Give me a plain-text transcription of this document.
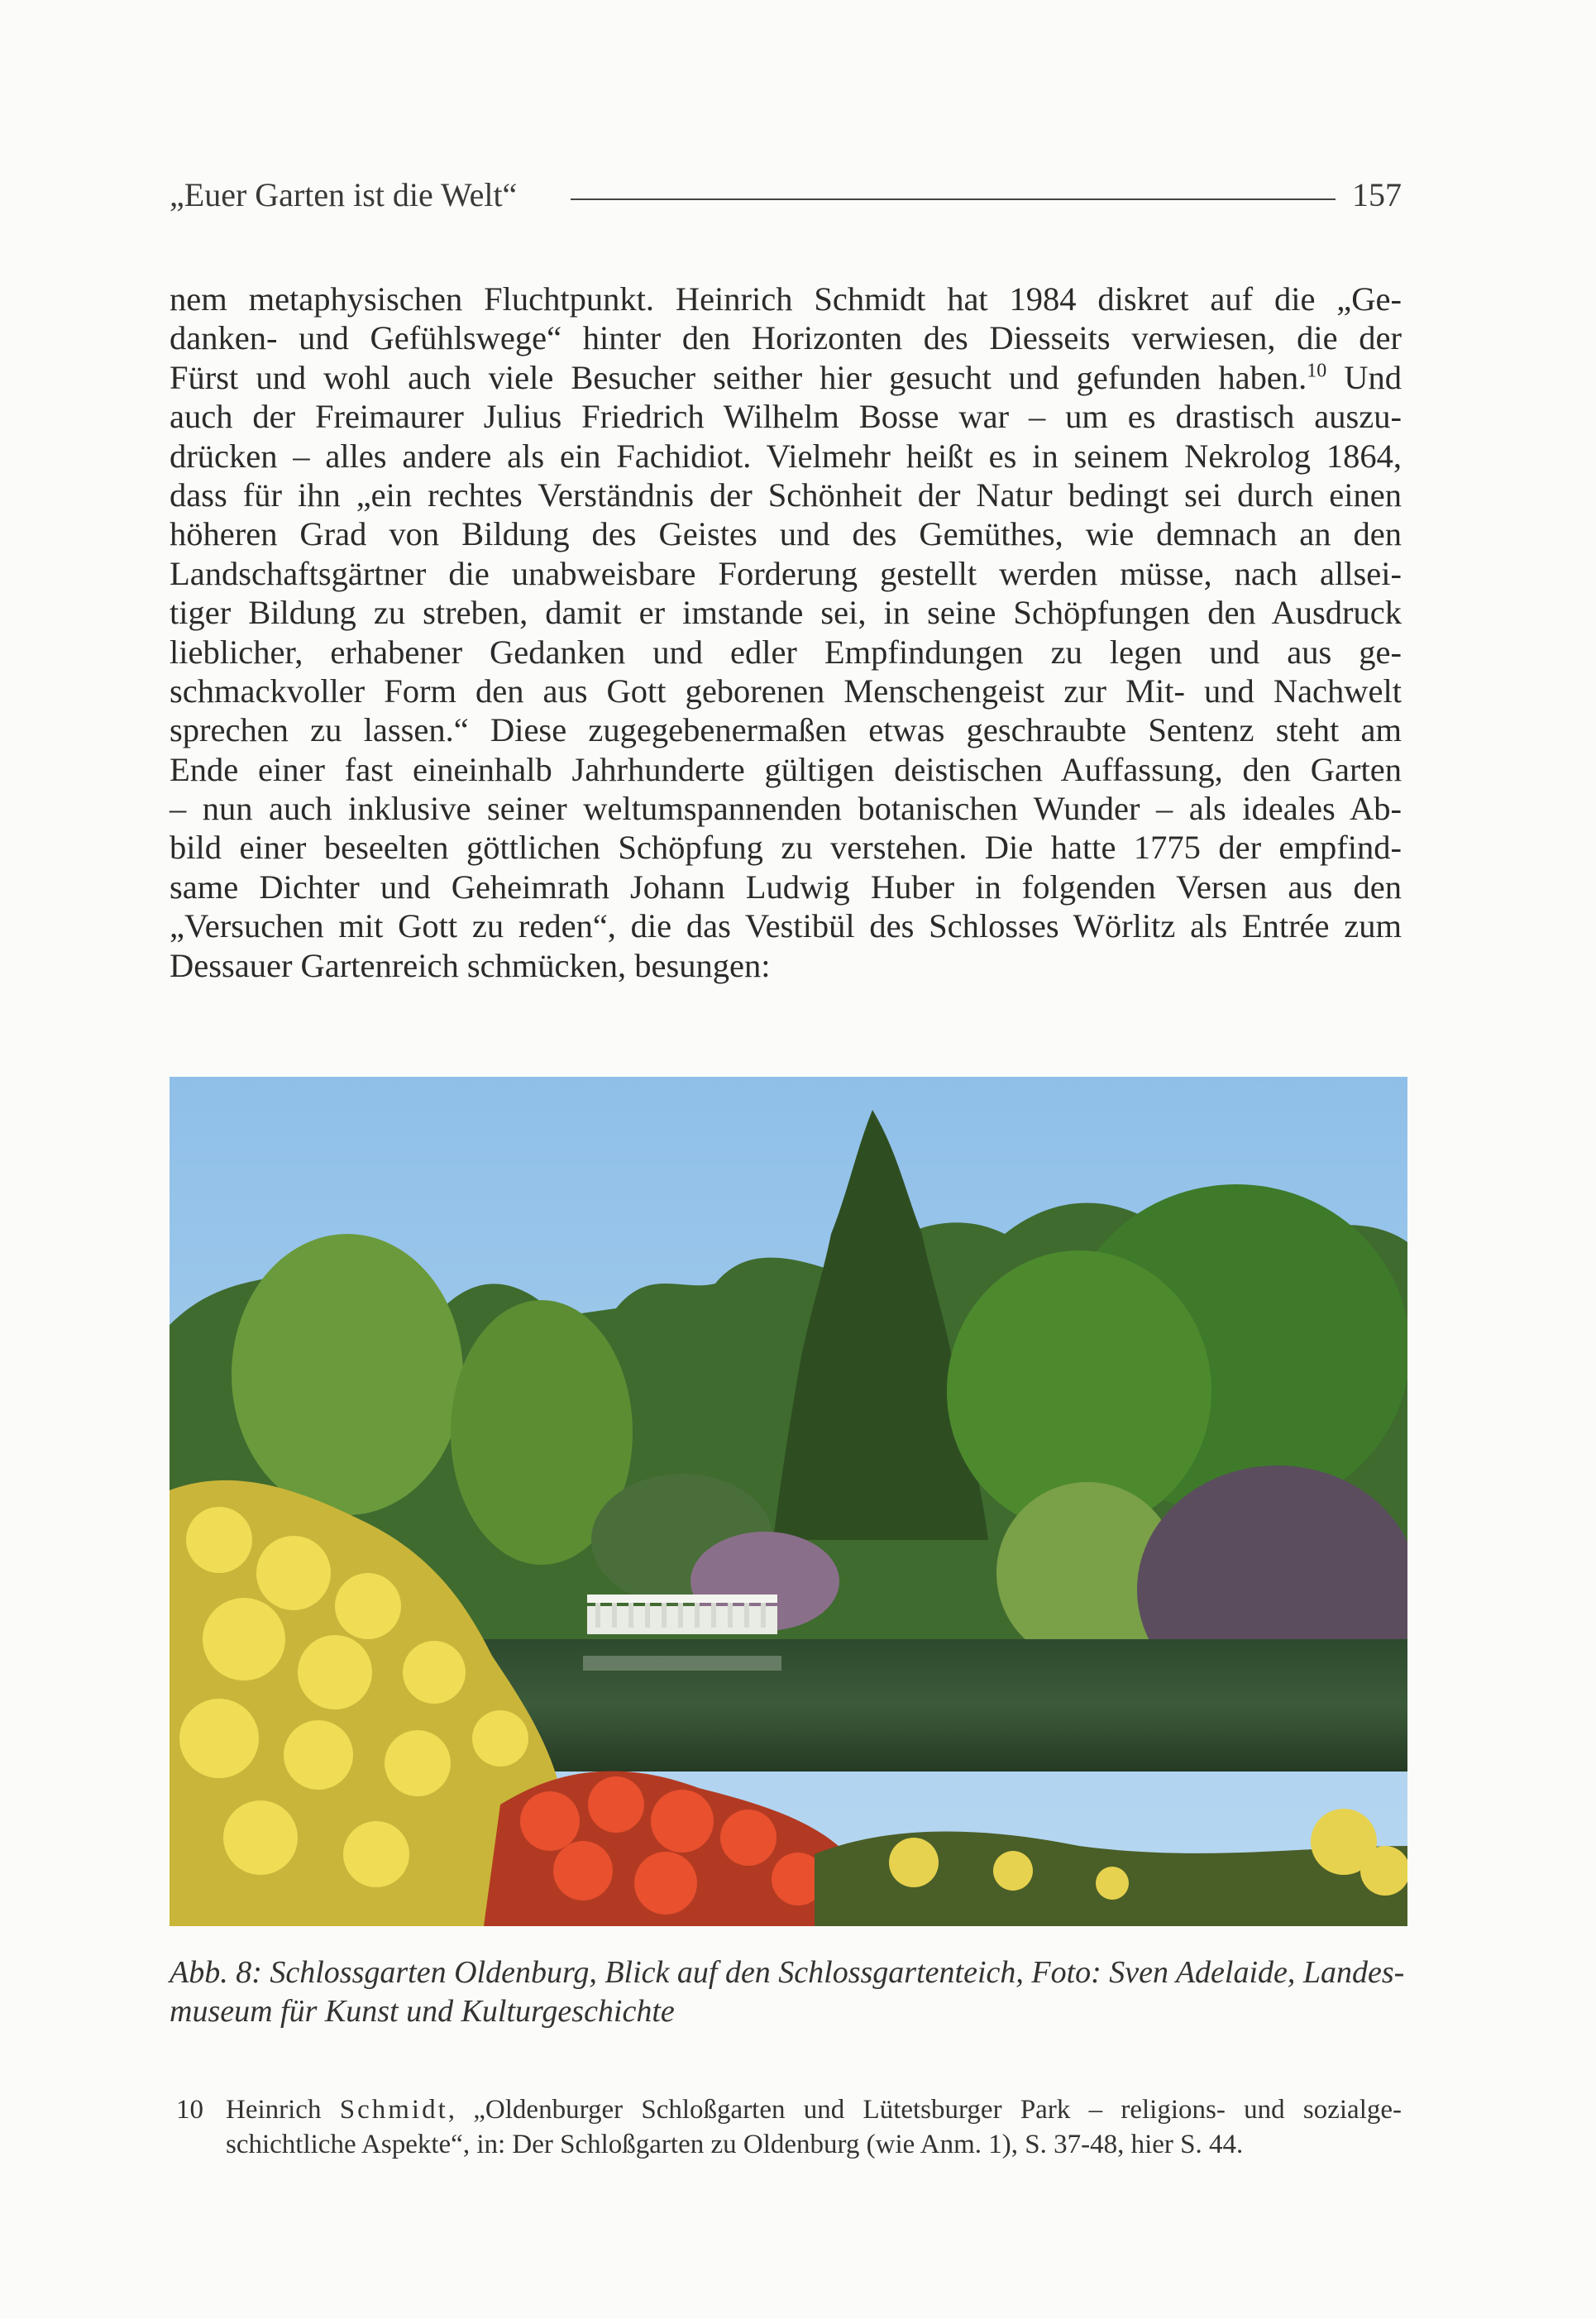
„Euer Garten ist die Welt“	157
nem metaphysischen Fluchtpunkt. Heinrich Schmidt hat 1984 diskret auf die „Ge-
danken- und Gefühlswege“ hinter den Horizonten des Diesseits verwiesen, die der
Fürst und wohl auch viele Besucher seither hier gesucht und gefunden haben.$^{10}$ Und
auch der Freimaurer Julius Friedrich Wilhelm Bosse war – um es drastisch auszu-
drücken – alles andere als ein Fachidiot. Vielmehr heißt es in seinem Nekrolog 1864,
dass für ihn „ein rechtes Verständnis der Schönheit der Natur bedingt sei durch einen
höheren Grad von Bildung des Geistes und des Gemüthes, wie demnach an den
Landschaftsgärtner die unabweisbare Forderung gestellt werden müsse, nach allsei-
tiger Bildung zu streben, damit er imstande sei, in seine Schöpfungen den Ausdruck
lieblicher, erhabener Gedanken und edler Empfindungen zu legen und aus ge-
schmackvoller Form den aus Gott geborenen Menschengeist zur Mit- und Nachwelt
sprechen zu lassen.“ Diese zugegebenermaßen etwas geschraubte Sentenz steht am
Ende einer fast eineinhalb Jahrhunderte gültigen deistischen Auffassung, den Garten
– nun auch inklusive seiner weltumspannenden botanischen Wunder – als ideales Ab-
bild einer beseelten göttlichen Schöpfung zu verstehen. Die hatte 1775 der empfind-
same Dichter und Geheimrath Johann Ludwig Huber in folgenden Versen aus den
„Versuchen mit Gott zu reden“, die das Vestibül des Schlosses Wörlitz als Entrée zum
Dessauer Gartenreich schmücken, besungen:
Abb. 8: Schlossgarten Oldenburg, Blick auf den Schlossgartenteich, Foto: Sven Adelaide, Landes-
museum für Kunst und Kulturgeschichte
10 Heinrich Schmidt, „Oldenburger Schloßgarten und Lütetsburger Park – religions- und sozialge-
schichtliche Aspekte“, in: Der Schloßgarten zu Oldenburg (wie Anm. 1), S. 37-48, hier S. 44.
